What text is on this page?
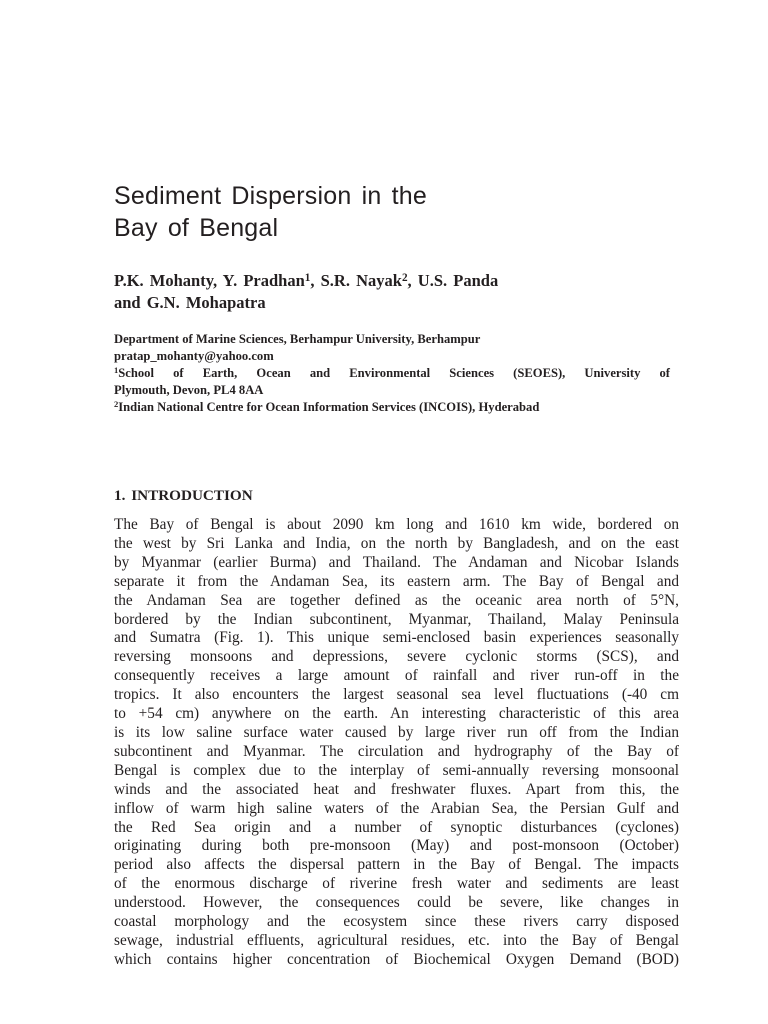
Sediment Dispersion in the
Bay of Bengal
P.K. Mohanty, Y. Pradhan$^1$, S.R. Nayak$^2$, U.S. Panda
and G.N. Mohapatra
Department of Marine Sciences, Berhampur University, Berhampur
pratap_mohanty@yahoo.com
$^1$School of Earth, Ocean and Environmental Sciences (SEOES), University of
Plymouth, Devon, PL4 8AA
$^2$Indian National Centre for Ocean Information Services (INCOIS), Hyderabad
1. INTRODUCTION
The Bay of Bengal is about 2090 km long and 1610 km wide, bordered on
the west by Sri Lanka and India, on the north by Bangladesh, and on the east
by Myanmar (earlier Burma) and Thailand. The Andaman and Nicobar Islands
separate it from the Andaman Sea, its eastern arm. The Bay of Bengal and
the Andaman Sea are together defined as the oceanic area north of 5°N,
bordered by the Indian subcontinent, Myanmar, Thailand, Malay Peninsula
and Sumatra (Fig. 1). This unique semi-enclosed basin experiences seasonally
reversing monsoons and depressions, severe cyclonic storms (SCS), and
consequently receives a large amount of rainfall and river run-off in the
tropics. It also encounters the largest seasonal sea level fluctuations (-40 cm
to +54 cm) anywhere on the earth. An interesting characteristic of this area
is its low saline surface water caused by large river run off from the Indian
subcontinent and Myanmar. The circulation and hydrography of the Bay of
Bengal is complex due to the interplay of semi-annually reversing monsoonal
winds and the associated heat and freshwater fluxes. Apart from this, the
inflow of warm high saline waters of the Arabian Sea, the Persian Gulf and
the Red Sea origin and a number of synoptic disturbances (cyclones)
originating during both pre-monsoon (May) and post-monsoon (October)
period also affects the dispersal pattern in the Bay of Bengal. The impacts
of the enormous discharge of riverine fresh water and sediments are least
understood. However, the consequences could be severe, like changes in
coastal morphology and the ecosystem since these rivers carry disposed
sewage, industrial effluents, agricultural residues, etc. into the Bay of Bengal
which contains higher concentration of Biochemical Oxygen Demand (BOD)
